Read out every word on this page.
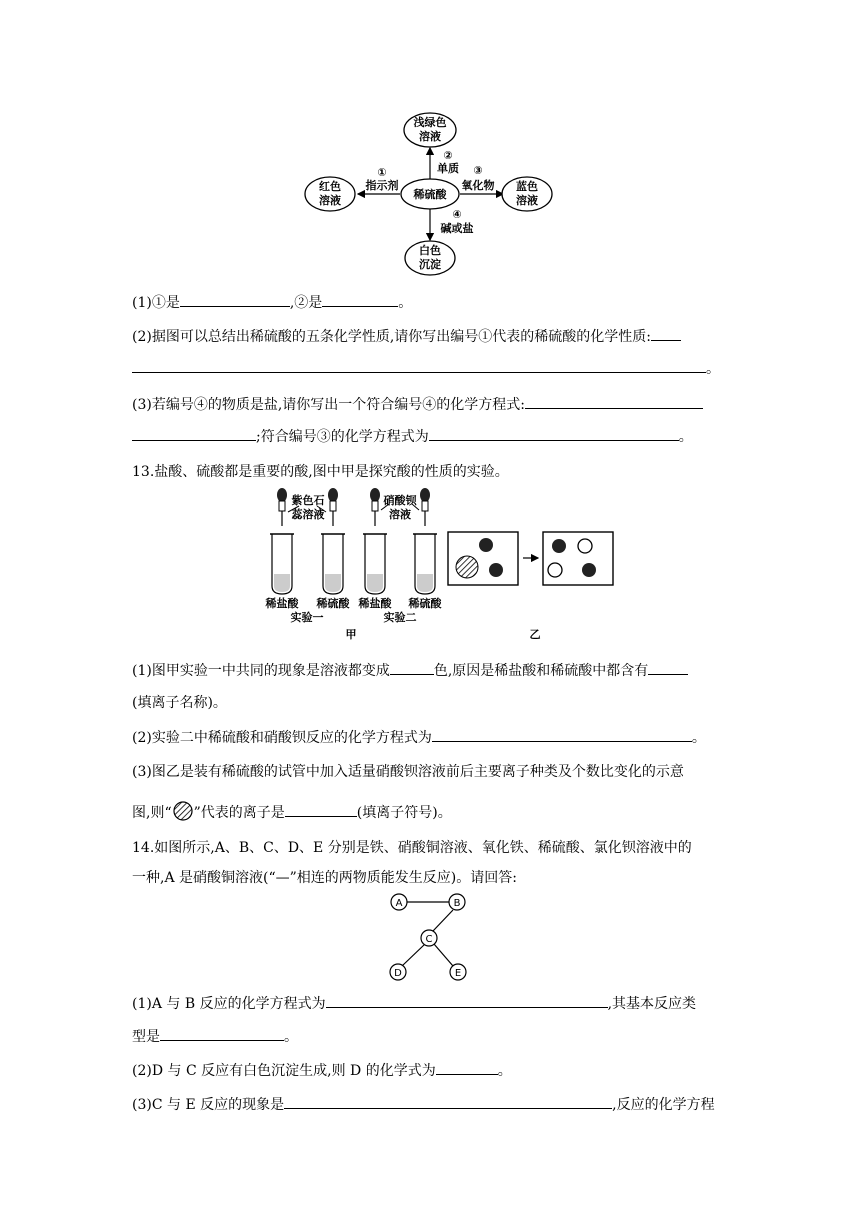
稀硫酸
浅绿色
溶液
红色
溶液
蓝色
溶液
白色
沉淀
①
指示剂
②
单质 ③
氧化物
④
碱或盐
(1)①是	,②是	。
(2)据图可以总结出稀硫酸的五条化学性质,请你写出编号①代表的稀硫酸的化学性质:
。
(3)若编号④的物质是盐,请你写出一个符合编号④的化学方程式:
;符合编号③的化学方程式为	。
13.盐酸、硫酸都是重要的酸,图中甲是探究酸的性质的实验。
紫色石
蕊溶液
硝酸钡
溶液
稀盐酸 稀硫酸 稀盐酸 稀硫酸
实验一	实验二
甲	乙
(1)图甲实验一中共同的现象是溶液都变成	色,原因是稀盐酸和稀硫酸中都含有
(填离子名称)。
(2)实验二中稀硫酸和硝酸钡反应的化学方程式为	。
(3)图乙是装有稀硫酸的试管中加入适量硝酸钡溶液前后主要离子种类及个数比变化的示意
图,则“ ”代表的离子是	(填离子符号)。
14.如图所示,A、B、C、D、E 分别是铁、硝酸铜溶液、氧化铁、稀硫酸、氯化钡溶液中的
一种,A 是硝酸铜溶液(“—”相连的两物质能发生反应)。请回答:
A	B
C
D	E
(1)A 与 B 反应的化学方程式为	,其基本反应类
型是	。
(2)D 与 C 反应有白色沉淀生成,则 D 的化学式为	。
(3)C 与 E 反应的现象是	,反应的化学方程
